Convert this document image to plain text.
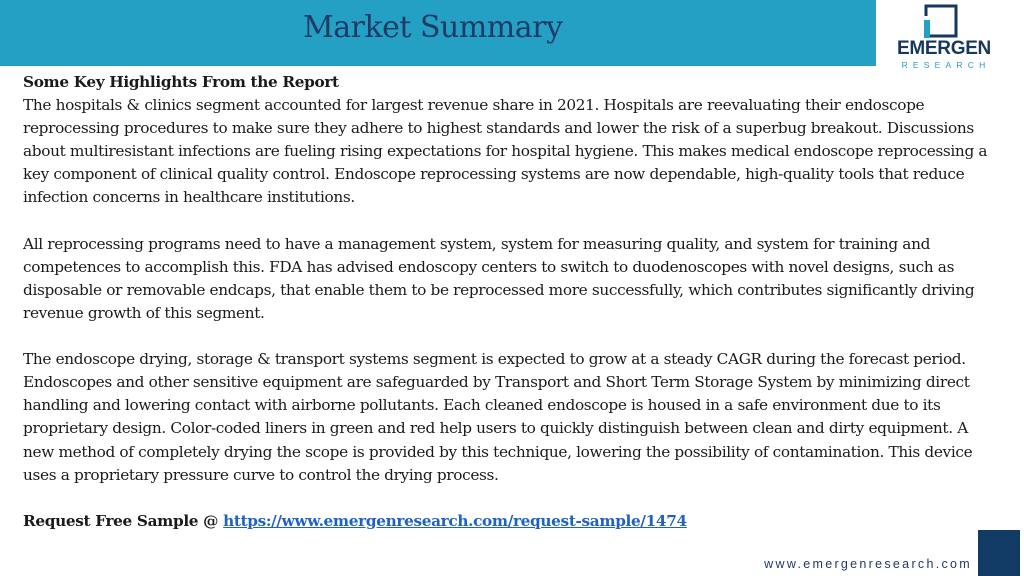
Market Summary
EMERGEN
RESEARCH

Some Key Highlights From the Report
The hospitals & clinics segment accounted for largest revenue share in 2021. Hospitals are reevaluating their endoscope reprocessing procedures to make sure they adhere to highest standards and lower the risk of a superbug breakout. Discussions about multiresistant infections are fueling rising expectations for hospital hygiene. This makes medical endoscope reprocessing a key component of clinical quality control. Endoscope reprocessing systems are now dependable, high-quality tools that reduce infection concerns in healthcare institutions.

All reprocessing programs need to have a management system, system for measuring quality, and system for training and competences to accomplish this. FDA has advised endoscopy centers to switch to duodenoscopes with novel designs, such as disposable or removable endcaps, that enable them to be reprocessed more successfully, which contributes significantly driving revenue growth of this segment.

The endoscope drying, storage & transport systems segment is expected to grow at a steady CAGR during the forecast period. Endoscopes and other sensitive equipment are safeguarded by Transport and Short Term Storage System by minimizing direct handling and lowering contact with airborne pollutants. Each cleaned endoscope is housed in a safe environment due to its proprietary design. Color-coded liners in green and red help users to quickly distinguish between clean and dirty equipment. A new method of completely drying the scope is provided by this technique, lowering the possibility of contamination. This device uses a proprietary pressure curve to control the drying process.

Request Free Sample @ https://www.emergenresearch.com/request-sample/1474

www.emergenresearch.com
